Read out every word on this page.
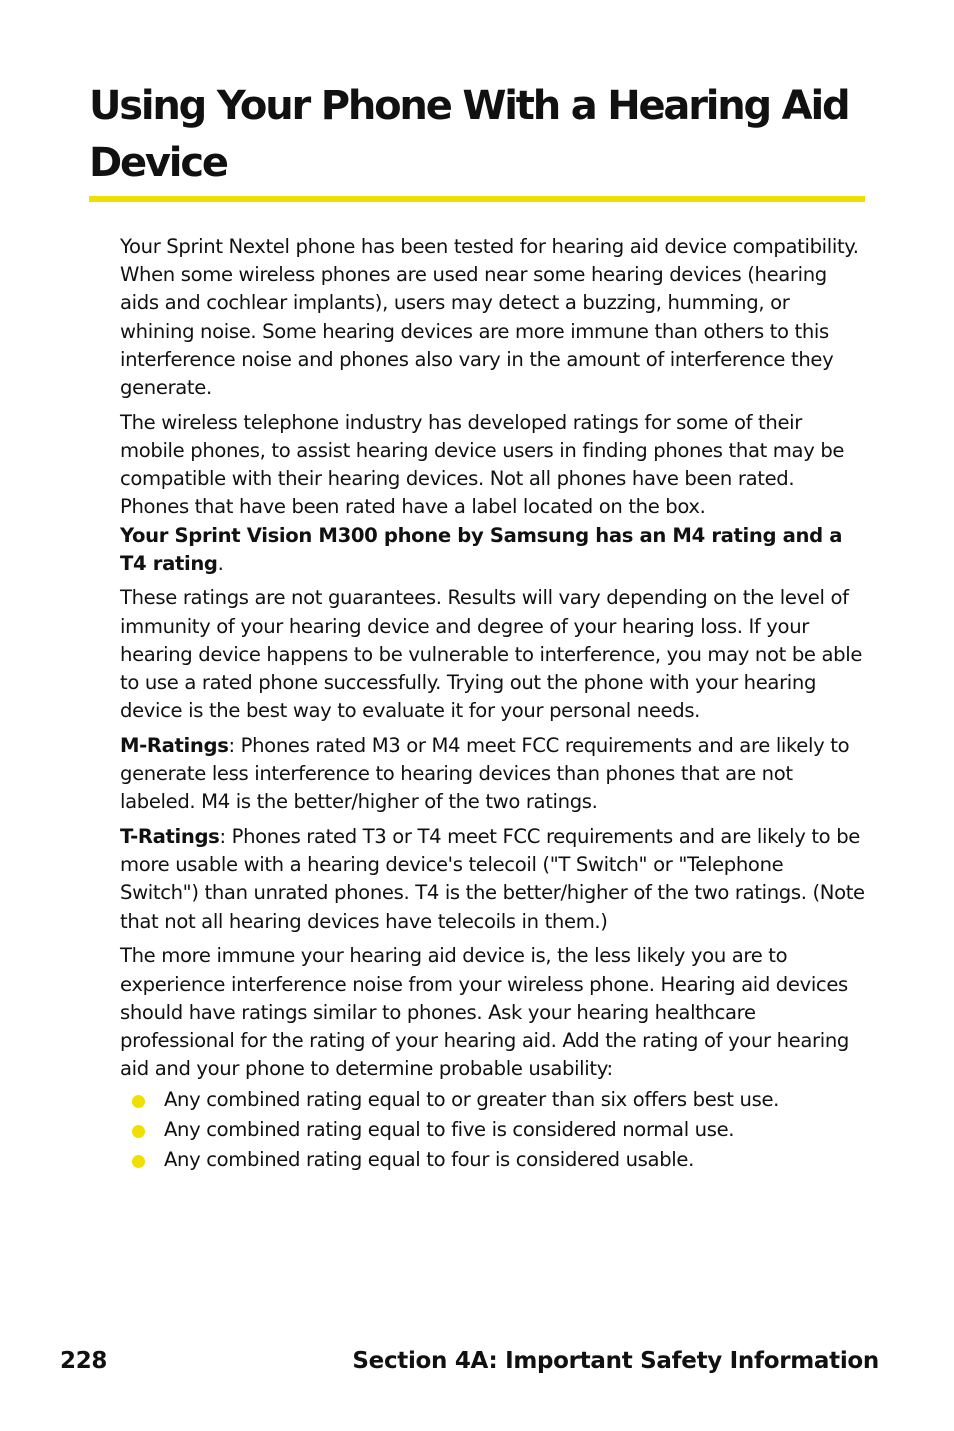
Using Your Phone With a Hearing Aid Device

Your Sprint Nextel phone has been tested for hearing aid device compatibility. When some wireless phones are used near some hearing devices (hearing aids and cochlear implants), users may detect a buzzing, humming, or whining noise. Some hearing devices are more immune than others to this interference noise and phones also vary in the amount of interference they generate.

The wireless telephone industry has developed ratings for some of their mobile phones, to assist hearing device users in finding phones that may be compatible with their hearing devices. Not all phones have been rated. Phones that have been rated have a label located on the box.

Your Sprint Vision M300 phone by Samsung has an M4 rating and a T4 rating.

These ratings are not guarantees. Results will vary depending on the level of immunity of your hearing device and degree of your hearing loss. If your hearing device happens to be vulnerable to interference, you may not be able to use a rated phone successfully. Trying out the phone with your hearing device is the best way to evaluate it for your personal needs.

M-Ratings: Phones rated M3 or M4 meet FCC requirements and are likely to generate less interference to hearing devices than phones that are not labeled. M4 is the better/higher of the two ratings.

T-Ratings: Phones rated T3 or T4 meet FCC requirements and are likely to be more usable with a hearing device's telecoil ("T Switch" or "Telephone Switch") than unrated phones. T4 is the better/higher of the two ratings. (Note that not all hearing devices have telecoils in them.)

The more immune your hearing aid device is, the less likely you are to experience interference noise from your wireless phone. Hearing aid devices should have ratings similar to phones. Ask your hearing healthcare professional for the rating of your hearing aid. Add the rating of your hearing aid and your phone to determine probable usability:

Any combined rating equal to or greater than six offers best use.
Any combined rating equal to five is considered normal use.
Any combined rating equal to four is considered usable.
228	Section 4A: Important Safety Information
